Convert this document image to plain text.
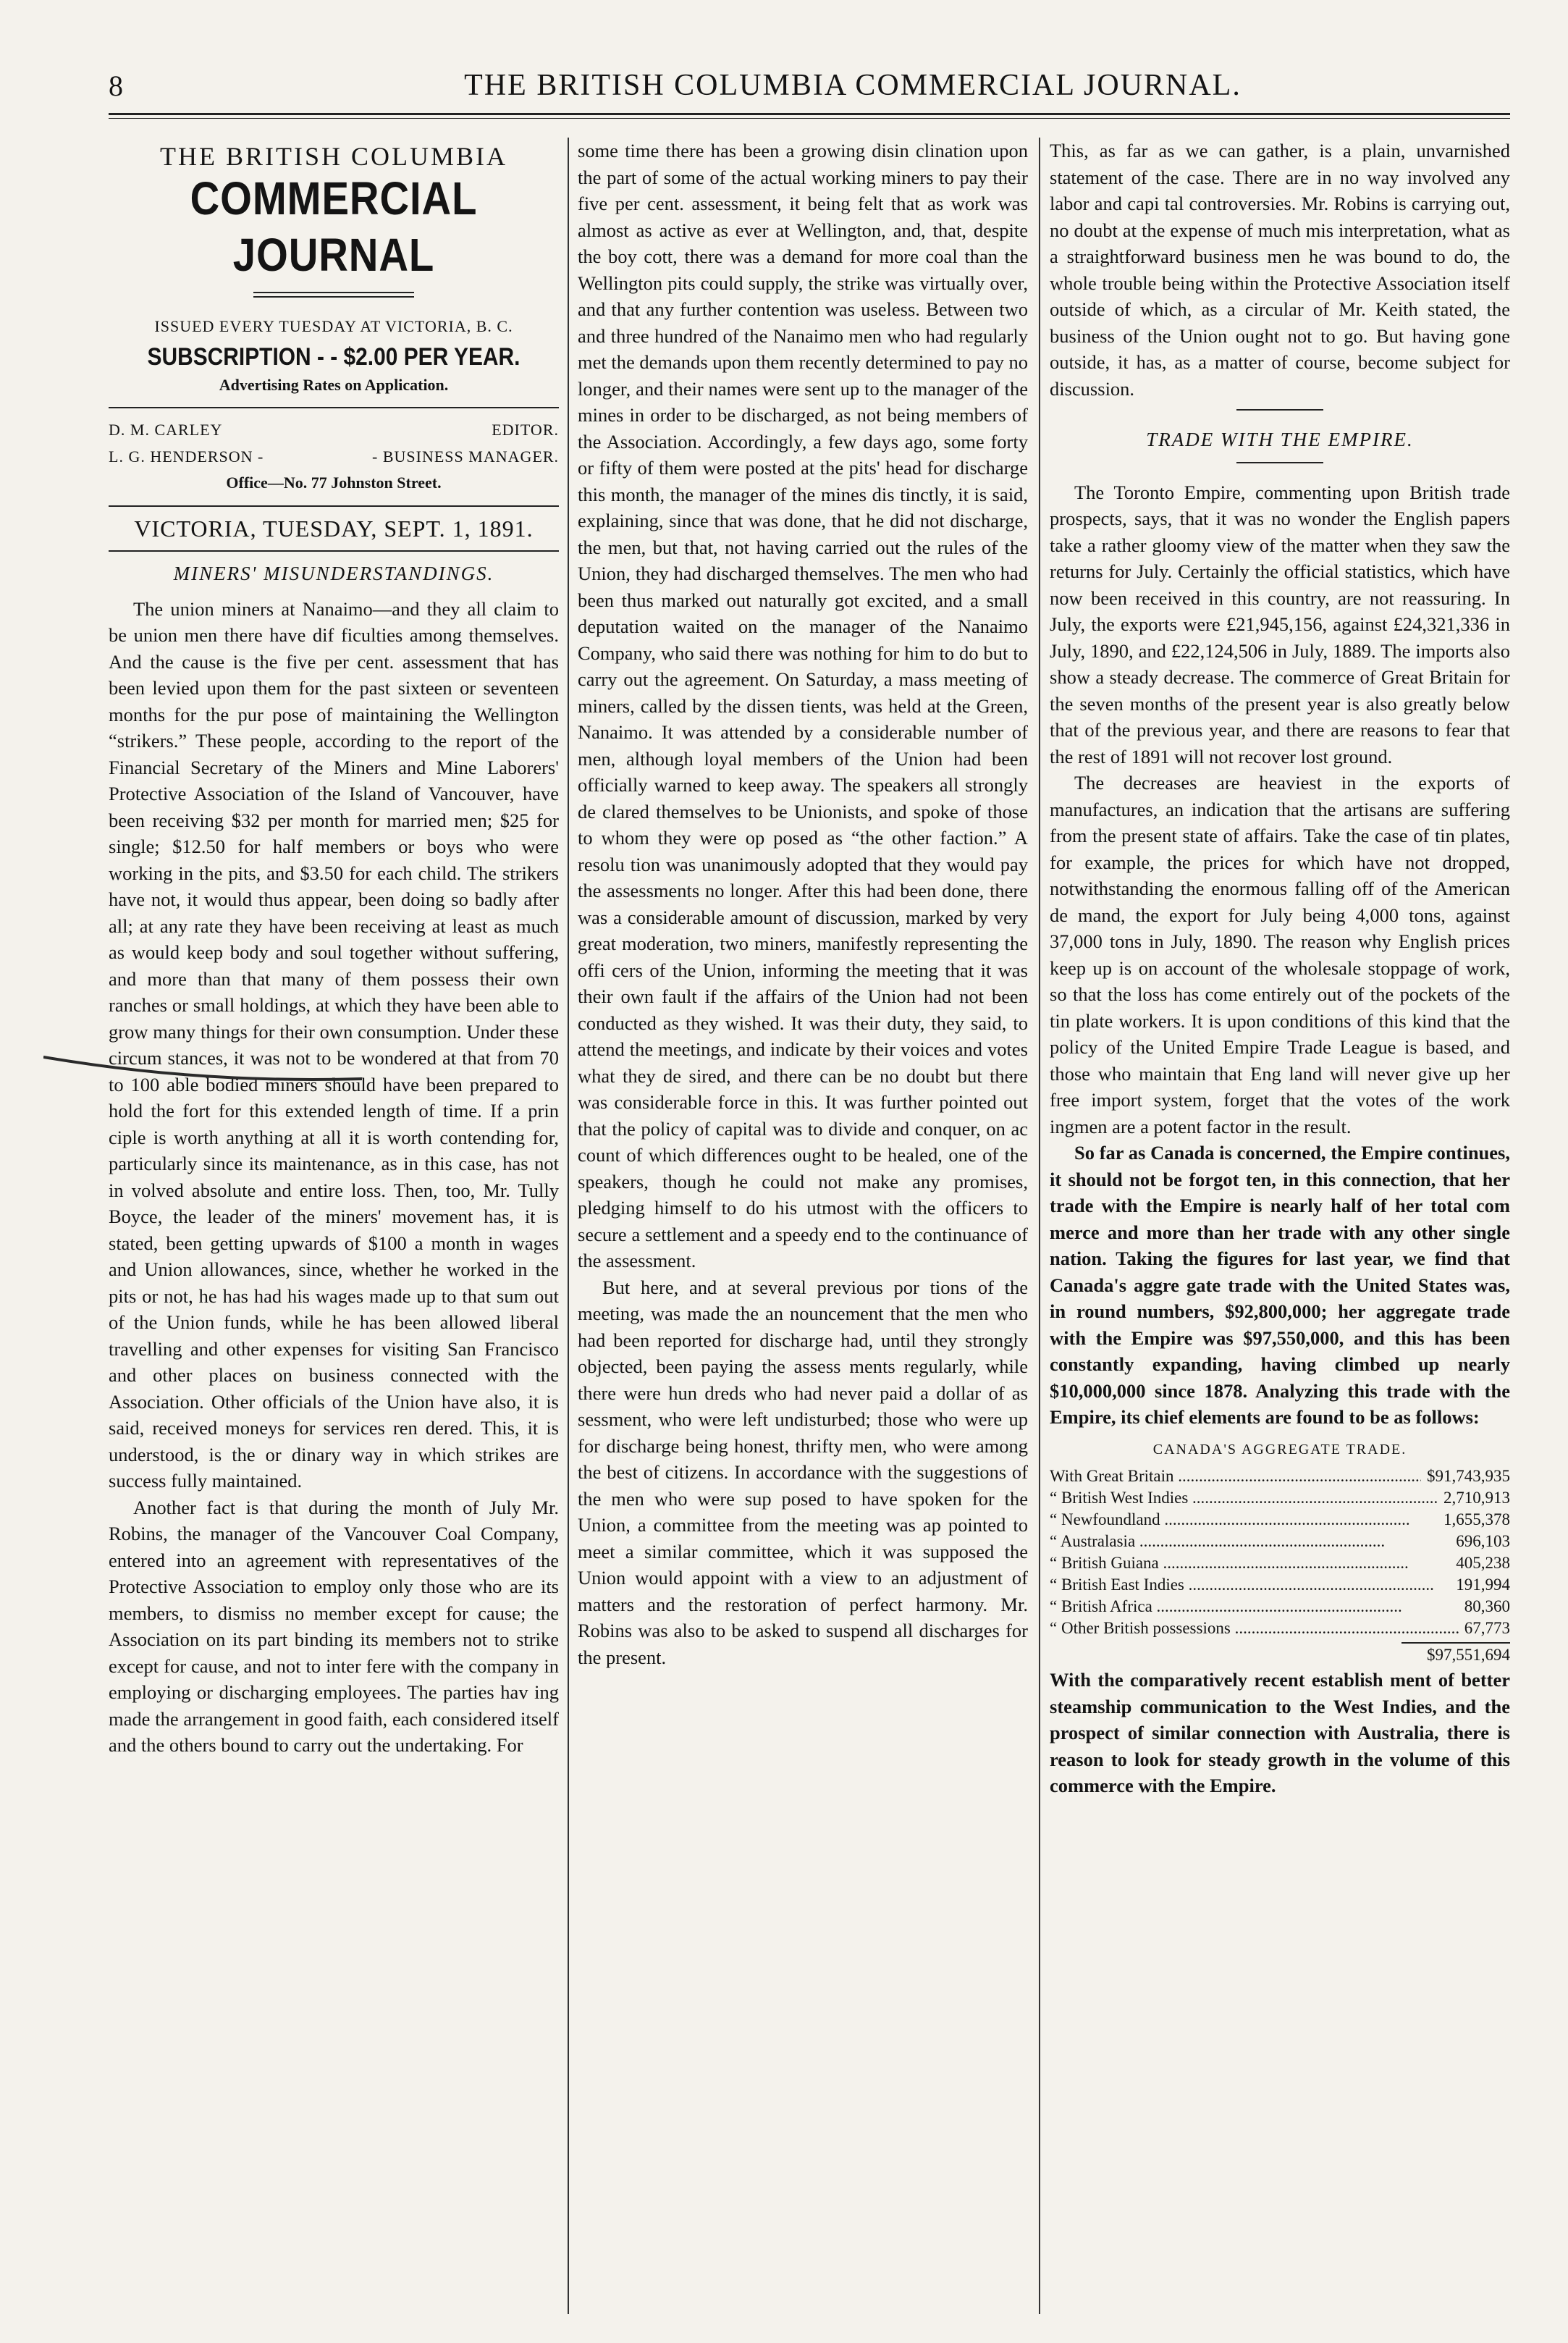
8	THE BRITISH COLUMBIA COMMERCIAL JOURNAL.

THE BRITISH COLUMBIA

COMMERCIAL JOURNAL

ISSUED EVERY TUESDAY AT VICTORIA, B. C.

SUBSCRIPTION - - $2.00 PER YEAR.

Advertising Rates on Application.

D. M. CARLEY	EDITOR.
L. G. HENDERSON -	- BUSINESS MANAGER.

Office—No. 77 Johnston Street.

VICTORIA, TUESDAY, SEPT. 1, 1891.

MINERS' MISUNDERSTANDINGS.

The union miners at Nanaimo—and they all claim to be union men there have dif ficulties among themselves. And the cause is the five per cent. assessment that has been levied upon them for the past sixteen or seventeen months for the pur pose of maintaining the Wellington “strikers.” These people, according to the report of the Financial Secretary of the Miners and Mine Laborers' Protective Association of the Island of Vancouver, have been receiving $32 per month for married men; $25 for single; $12.50 for half members or boys who were working in the pits, and $3.50 for each child. The strikers have not, it would thus appear, been doing so badly after all; at any rate they have been receiving at least as much as would keep body and soul together without suffering, and more than that many of them possess their own ranches or small holdings, at which they have been able to grow many things for their own consumption. Under these circum stances, it was not to be wondered at that from 70 to 100 able bodied miners should have been prepared to hold the fort for this extended length of time. If a prin ciple is worth anything at all it is worth contending for, particularly since its maintenance, as in this case, has not in volved absolute and entire loss. Then, too, Mr. Tully Boyce, the leader of the miners' movement has, it is stated, been getting upwards of $100 a month in wages and Union allowances, since, whether he worked in the pits or not, he has had his wages made up to that sum out of the Union funds, while he has been allowed liberal travelling and other expenses for visiting San Francisco and other places on business connected with the Association. Other officials of the Union have also, it is said, received moneys for services ren dered. This, it is understood, is the or dinary way in which strikes are success fully maintained.

Another fact is that during the month of July Mr. Robins, the manager of the Vancouver Coal Company, entered into an agreement with representatives of the Protective Association to employ only those who are its members, to dismiss no member except for cause; the Association on its part binding its members not to strike except for cause, and not to inter fere with the company in employing or discharging employees. The parties hav ing made the arrangement in good faith, each considered itself and the others bound to carry out the undertaking. For

some time there has been a growing disin clination upon the part of some of the actual working miners to pay their five per cent. assessment, it being felt that as work was almost as active as ever at Wellington, and, that, despite the boy cott, there was a demand for more coal than the Wellington pits could supply, the strike was virtually over, and that any further contention was useless. Between two and three hundred of the Nanaimo men who had regularly met the demands upon them recently determined to pay no longer, and their names were sent up to the manager of the mines in order to be discharged, as not being members of the Association. Accordingly, a few days ago, some forty or fifty of them were posted at the pits' head for discharge this month, the manager of the mines dis tinctly, it is said, explaining, since that was done, that he did not discharge, the men, but that, not having carried out the rules of the Union, they had discharged themselves. The men who had been thus marked out naturally got excited, and a small deputation waited on the manager of the Nanaimo Company, who said there was nothing for him to do but to carry out the agreement. On Saturday, a mass meeting of miners, called by the dissen tients, was held at the Green, Nanaimo. It was attended by a considerable number of men, although loyal members of the Union had been officially warned to keep away. The speakers all strongly de clared themselves to be Unionists, and spoke of those to whom they were op posed as “the other faction.” A resolu tion was unanimously adopted that they would pay the assessments no longer. After this had been done, there was a considerable amount of discussion, marked by very great moderation, two miners, manifestly representing the offi cers of the Union, informing the meeting that it was their own fault if the affairs of the Union had not been conducted as they wished. It was their duty, they said, to attend the meetings, and indicate by their voices and votes what they de sired, and there can be no doubt but there was considerable force in this. It was further pointed out that the policy of capital was to divide and conquer, on ac count of which differences ought to be healed, one of the speakers, though he could not make any promises, pledging himself to do his utmost with the officers to secure a settlement and a speedy end to the continuance of the assessment.

But here, and at several previous por tions of the meeting, was made the an nouncement that the men who had been reported for discharge had, until they strongly objected, been paying the assess ments regularly, while there were hun dreds who had never paid a dollar of as sessment, who were left undisturbed; those who were up for discharge being honest, thrifty men, who were among the best of citizens. In accordance with the suggestions of the men who were sup posed to have spoken for the Union, a committee from the meeting was ap pointed to meet a similar committee, which it was supposed the Union would appoint with a view to an adjustment of matters and the restoration of perfect harmony. Mr. Robins was also to be asked to suspend all discharges for the present.

This, as far as we can gather, is a plain, unvarnished statement of the case. There are in no way involved any labor and capi tal controversies. Mr. Robins is carrying out, no doubt at the expense of much mis interpretation, what as a straightforward business men he was bound to do, the whole trouble being within the Protective Association itself outside of which, as a circular of Mr. Keith stated, the business of the Union ought not to go. But having gone outside, it has, as a matter of course, become subject for discussion.

TRADE WITH THE EMPIRE.

The Toronto Empire, commenting upon British trade prospects, says, that it was no wonder the English papers take a rather gloomy view of the matter when they saw the returns for July. Certainly the official statistics, which have now been received in this country, are not reassuring. In July, the exports were £21,945,156, against £24,321,336 in July, 1890, and £22,124,506 in July, 1889. The imports also show a steady decrease. The commerce of Great Britain for the seven months of the present year is also greatly below that of the previous year, and there are reasons to fear that the rest of 1891 will not recover lost ground.

The decreases are heaviest in the exports of manufactures, an indication that the artisans are suffering from the present state of affairs. Take the case of tin plates, for example, the prices for which have not dropped, notwithstanding the enormous falling off of the American de mand, the export for July being 4,000 tons, against 37,000 tons in July, 1890. The reason why English prices keep up is on account of the wholesale stoppage of work, so that the loss has come entirely out of the pockets of the tin plate workers. It is upon conditions of this kind that the policy of the United Empire Trade League is based, and those who maintain that Eng land will never give up her free import system, forget that the votes of the work ingmen are a potent factor in the result.

So far as Canada is concerned, the Empire continues, it should not be forgot ten, in this connection, that her trade with the Empire is nearly half of her total com merce and more than her trade with any other single nation. Taking the figures for last year, we find that Canada's aggre gate trade with the United States was, in round numbers, $92,800,000; her aggregate trade with the Empire was $97,550,000, and this has been constantly expanding, having climbed up nearly $10,000,000 since 1878. Analyzing this trade with the Empire, its chief elements are found to be as follows:

CANADA'S AGGREGATE TRADE.

With Great Britain .....	$91,743,935
“ British West Indies .....	2,710,913
“ Newfoundland .....	1,655,378
“ Australasia .....	696,103
“ British Guiana .....	405,238
“ British East Indies .....	191,994
“ British Africa .....	80,360
“ Other British possessions .....	67,773
$97,551,694

With the comparatively recent establish ment of better steamship communication to the West Indies, and the prospect of similar connection with Australia, there is reason to look for steady growth in the volume of this commerce with the Empire.
